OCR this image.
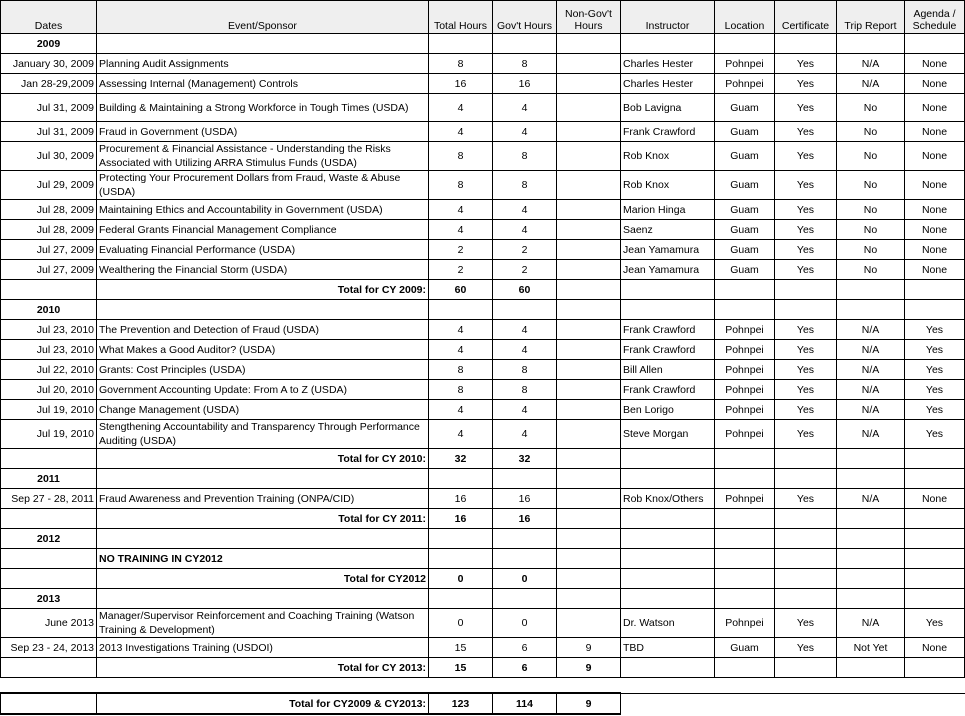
Dates	Event/Sponsor	Total Hours	Gov't Hours	Non-Gov't Hours	Instructor	Location	Certificate	Trip Report	Agenda / Schedule
2009									
January 30, 2009	Planning Audit Assignments	8	8		Charles Hester	Pohnpei	Yes	N/A	None
Jan 28-29,2009	Assessing Internal (Management) Controls	16	16		Charles Hester	Pohnpei	Yes	N/A	None
Jul 31, 2009	Building & Maintaining a Strong Workforce in Tough Times (USDA)	4	4		Bob Lavigna	Guam	Yes	No	None
Jul 31, 2009	Fraud in Government (USDA)	4	4		Frank Crawford	Guam	Yes	No	None
Jul 30, 2009	Procurement & Financial Assistance - Understanding the Risks Associated with Utilizing ARRA Stimulus Funds (USDA)	8	8		Rob Knox	Guam	Yes	No	None
Jul 29, 2009	Protecting Your Procurement Dollars from Fraud, Waste & Abuse (USDA)	8	8		Rob Knox	Guam	Yes	No	None
Jul 28, 2009	Maintaining Ethics and Accountability in Government (USDA)	4	4		Marion Hinga	Guam	Yes	No	None
Jul 28, 2009	Federal Grants Financial Management Compliance	4	4		Saenz	Guam	Yes	No	None
Jul 27, 2009	Evaluating Financial Performance (USDA)	2	2		Jean Yamamura	Guam	Yes	No	None
Jul 27, 2009	Wealthering the Financial Storm (USDA)	2	2		Jean Yamamura	Guam	Yes	No	None
	Total for CY 2009:	60	60						
2010									
Jul 23, 2010	The Prevention and Detection of Fraud (USDA)	4	4		Frank Crawford	Pohnpei	Yes	N/A	Yes
Jul 23, 2010	What Makes a Good Auditor? (USDA)	4	4		Frank Crawford	Pohnpei	Yes	N/A	Yes
Jul 22, 2010	Grants: Cost Principles (USDA)	8	8		Bill Allen	Pohnpei	Yes	N/A	Yes
Jul 20, 2010	Government Accounting Update: From A to Z (USDA)	8	8		Frank Crawford	Pohnpei	Yes	N/A	Yes
Jul 19, 2010	Change Management (USDA)	4	4		Ben Lorigo	Pohnpei	Yes	N/A	Yes
Jul 19, 2010	Stengthening Accountability and Transparency Through Performance Auditing (USDA)	4	4		Steve Morgan	Pohnpei	Yes	N/A	Yes
	Total for CY 2010:	32	32						
2011									
Sep 27 - 28, 2011	Fraud Awareness and Prevention Training (ONPA/CID)	16	16		Rob Knox/Others	Pohnpei	Yes	N/A	None
	Total for CY 2011:	16	16						
2012									
	NO TRAINING IN CY2012								
	Total for CY2012	0	0						
2013									
June 2013	Manager/Supervisor Reinforcement and Coaching Training (Watson Training & Development)	0	0		Dr. Watson	Pohnpei	Yes	N/A	Yes
Sep 23 - 24, 2013	2013 Investigations Training (USDOI)	15	6	9	TBD	Guam	Yes	Not Yet	None
	Total for CY 2013:	15	6	9					

	Total for CY2009 & CY2013:	123	114	9					
